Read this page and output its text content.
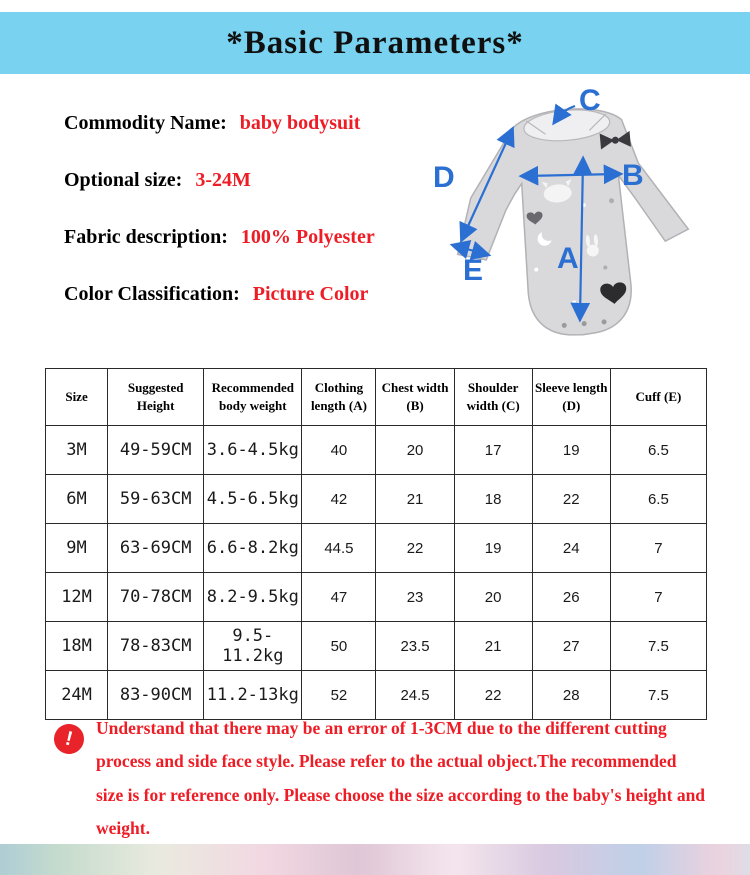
*Basic Parameters*
Commodity Name: baby bodysuit
Optional size: 3-24M
Fabric description: 100% Polyester
Color Classification: Picture Color
C
B
D
A
E
Size	Suggested Height	Recommended body weight	Clothing length (A)	Chest width (B)	Shoulder width (C)	Sleeve length (D)	Cuff (E)
3M	49-59CM	3.6-4.5kg	40	20	17	19	6.5
6M	59-63CM	4.5-6.5kg	42	21	18	22	6.5
9M	63-69CM	6.6-8.2kg	44.5	22	19	24	7
12M	70-78CM	8.2-9.5kg	47	23	20	26	7
18M	78-83CM	9.5-11.2kg	50	23.5	21	27	7.5
24M	83-90CM	11.2-13kg	52	24.5	22	28	7.5
!	Understand that there may be an error of 1-3CM due to the different cutting process and side face style. Please refer to the actual object.The recommended size is for reference only. Please choose the size according to the baby's height and weight.
